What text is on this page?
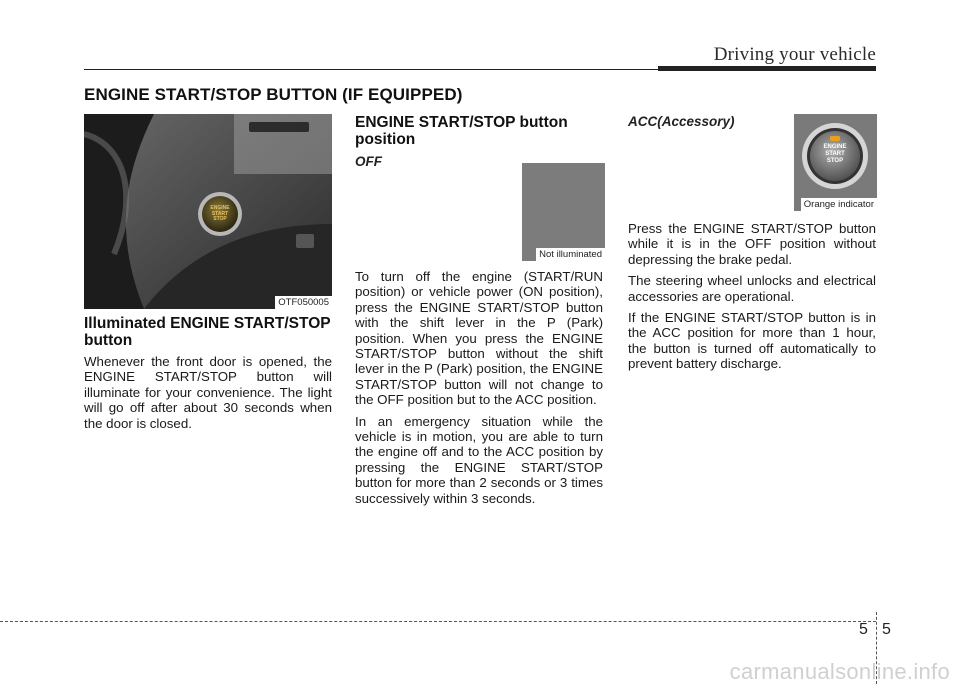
Driving your vehicle
ENGINE START/STOP BUTTON (IF EQUIPPED)
ENGINE
START
STOP
OTF050005
Illuminated ENGINE START/STOP button

Whenever the front door is opened, the ENGINE START/STOP button will illuminate for your convenience. The light will go off after about 30 seconds when the door is closed.

ENGINE START/STOP button position
OFF
Not illuminated

To turn off the engine (START/RUN position) or vehicle power (ON position), press the ENGINE START/STOP button with the shift lever in the P (Park) position. When you press the ENGINE START/STOP button without the shift lever in the P (Park) position, the ENGINE START/STOP button will not change to the OFF position but to the ACC position.

In an emergency situation while the vehicle is in motion, you are able to turn the engine off and to the ACC position by pressing the ENGINE START/STOP button for more than 2 seconds or 3 times successively within 3 seconds.

ACC(Accessory)
ENGINE
START
STOP
Orange indicator

Press the ENGINE START/STOP button while it is in the OFF position without depressing the brake pedal.

The steering wheel unlocks and electrical accessories are operational.

If the ENGINE START/STOP button is in the ACC position for more than 1 hour, the button is turned off automatically to prevent battery discharge.

5 5
carmanualsonline.info
